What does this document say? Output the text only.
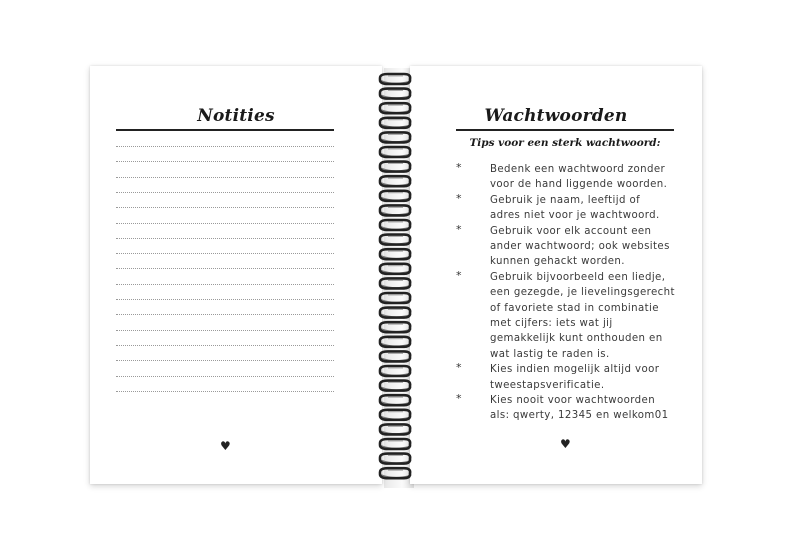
Notities
♥
Wachtwoorden
Tips voor een sterk wachtwoord:
*	Bedenk een wachtwoord zonder
voor de hand liggende woorden.
*	Gebruik je naam, leeftijd of
adres niet voor je wachtwoord.
*	Gebruik voor elk account een
ander wachtwoord; ook websites
kunnen gehackt worden.
*	Gebruik bijvoorbeeld een liedje,
een gezegde, je lievelingsgerecht
of favoriete stad in combinatie
met cijfers: iets wat jij
gemakkelijk kunt onthouden en
wat lastig te raden is.
*	Kies indien mogelijk altijd voor
tweestapsverificatie.
*	Kies nooit voor wachtwoorden
als: qwerty, 12345 en welkom01
♥
